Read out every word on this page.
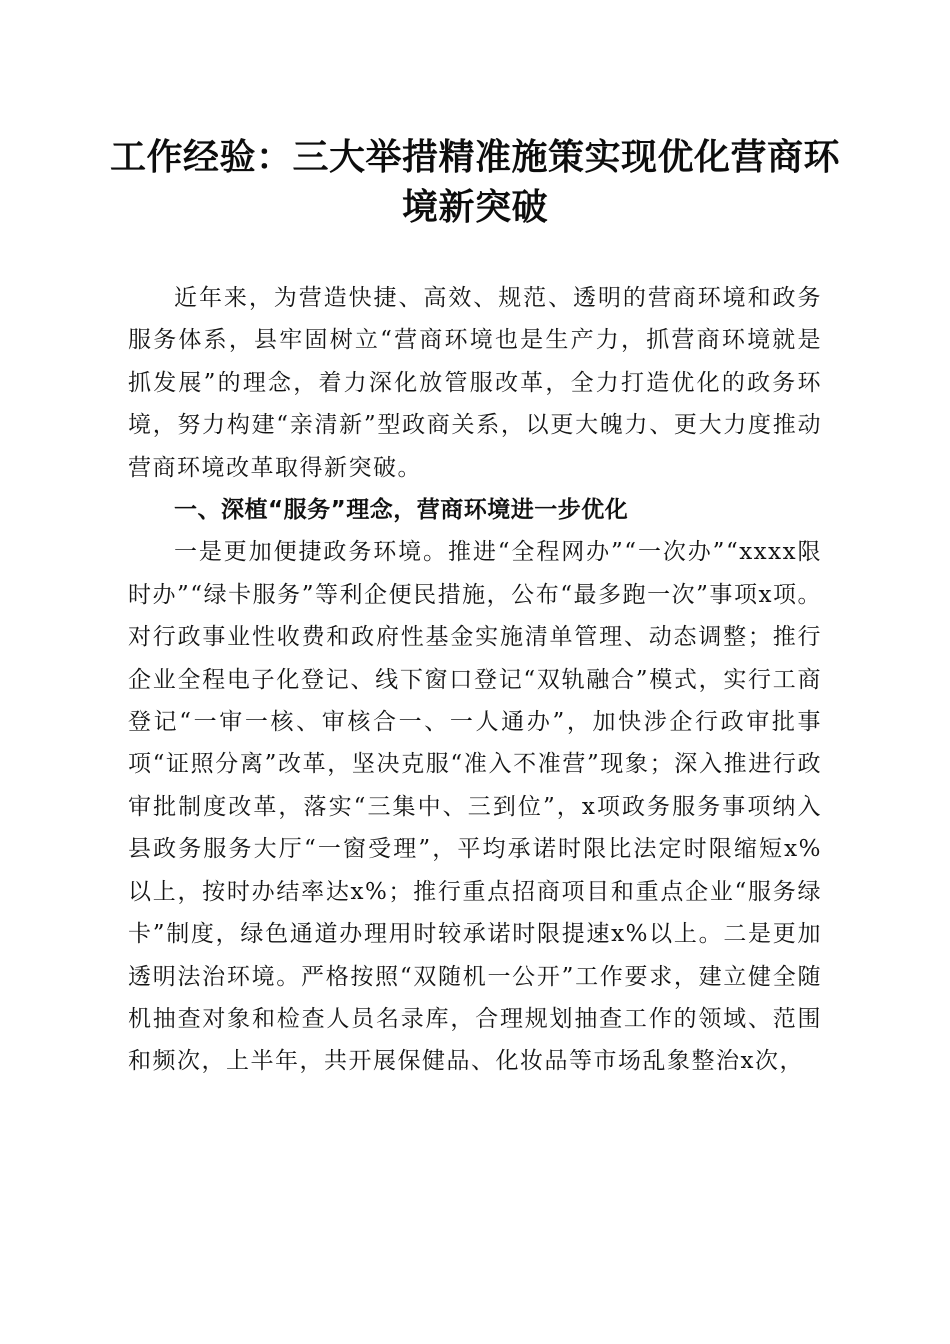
工作经验：三大举措精准施策实现优化营商环境新突破

近年来，为营造快捷、高效、规范、透明的营商环境和政务服务体系，县牢固树立“营商环境也是生产力，抓营商环境就是抓发展”的理念，着力深化放管服改革，全力打造优化的政务环境，努力构建“亲清新”型政商关系，以更大魄力、更大力度推动营商环境改革取得新突破。

一、深植“服务”理念，营商环境进一步优化

一是更加便捷政务环境。推进“全程网办”“一次办”“xxxx限时办”“绿卡服务”等利企便民措施，公布“最多跑一次”事项x项。对行政事业性收费和政府性基金实施清单管理、动态调整；推行企业全程电子化登记、线下窗口登记“双轨融合”模式，实行工商登记“一审一核、审核合一、一人通办”，加快涉企行政审批事项“证照分离”改革，坚决克服“准入不准营”现象；深入推进行政审批制度改革，落实“三集中、三到位”，x项政务服务事项纳入县政务服务大厅“一窗受理”，平均承诺时限比法定时限缩短x%以上，按时办结率达x%；推行重点招商项目和重点企业“服务绿卡”制度，绿色通道办理用时较承诺时限提速x%以上。二是更加透明法治环境。严格按照“双随机一公开”工作要求，建立健全随机抽查对象和检查人员名录库，合理规划抽查工作的领域、范围和频次，上半年，共开展保健品、化妆品等市场乱象整治x次，
